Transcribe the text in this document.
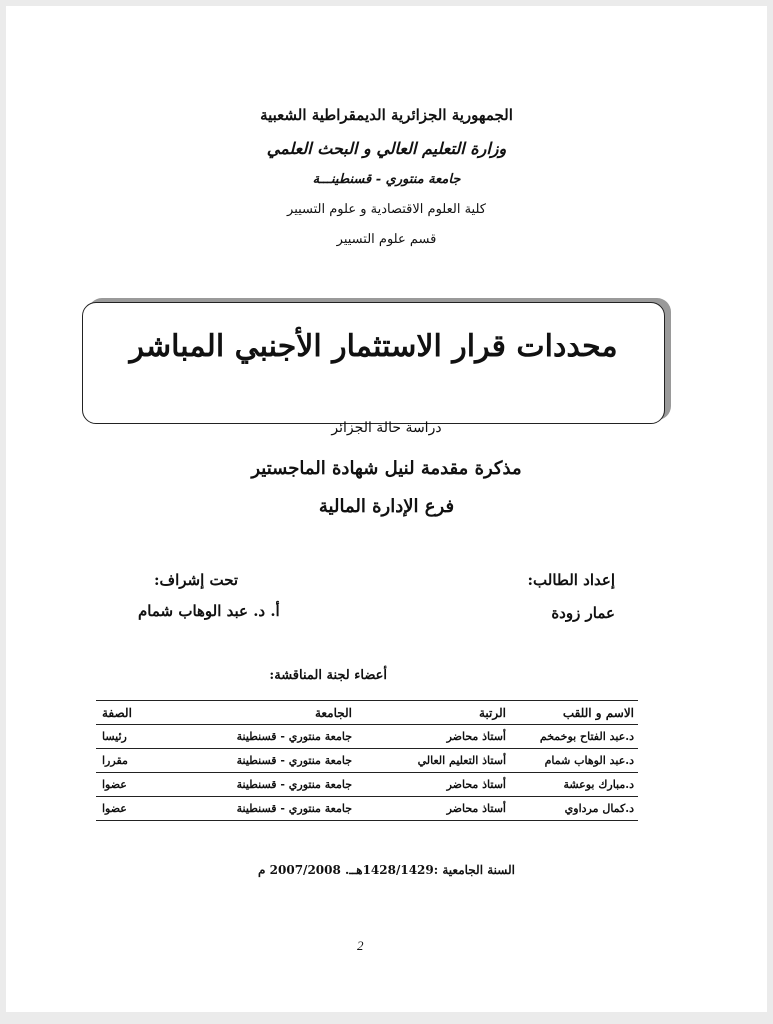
الجمهورية الجزائرية الديمقراطية الشعبية
وزارة التعليم العالي و البحث العلمي
جامعة منتوري - قسنطينـــة
كلية العلوم الاقتصادية و علوم التسيير
قسم علوم التسيير
محددات قرار الاستثمار الأجنبي المباشر
دراسة حالة الجزائر
مذكرة مقدمة لنيل شهادة الماجستير
فرع الإدارة المالية
إعداد الطالب:
عمار زودة
تحت إشراف:
أ. د. عبد الوهاب شمام
أعضاء لجنة المناقشة:
الاسم و اللقب	الرتبة	الجامعة	الصفة
د.عبد الفتاح بوخمخم	أستاذ محاضر	جامعة منتوري - قسنطينة	رئيسا
د.عبد الوهاب شمام	أستاذ التعليم العالي	جامعة منتوري - قسنطينة	مقررا
د.مبارك بوعشة	أستاذ محاضر	جامعة منتوري - قسنطينة	عضوا
د.كمال مرداوي	أستاذ محاضر	جامعة منتوري - قسنطينة	عضوا
السنة الجامعية :1428/1429هــ. 2007/2008 م
2
